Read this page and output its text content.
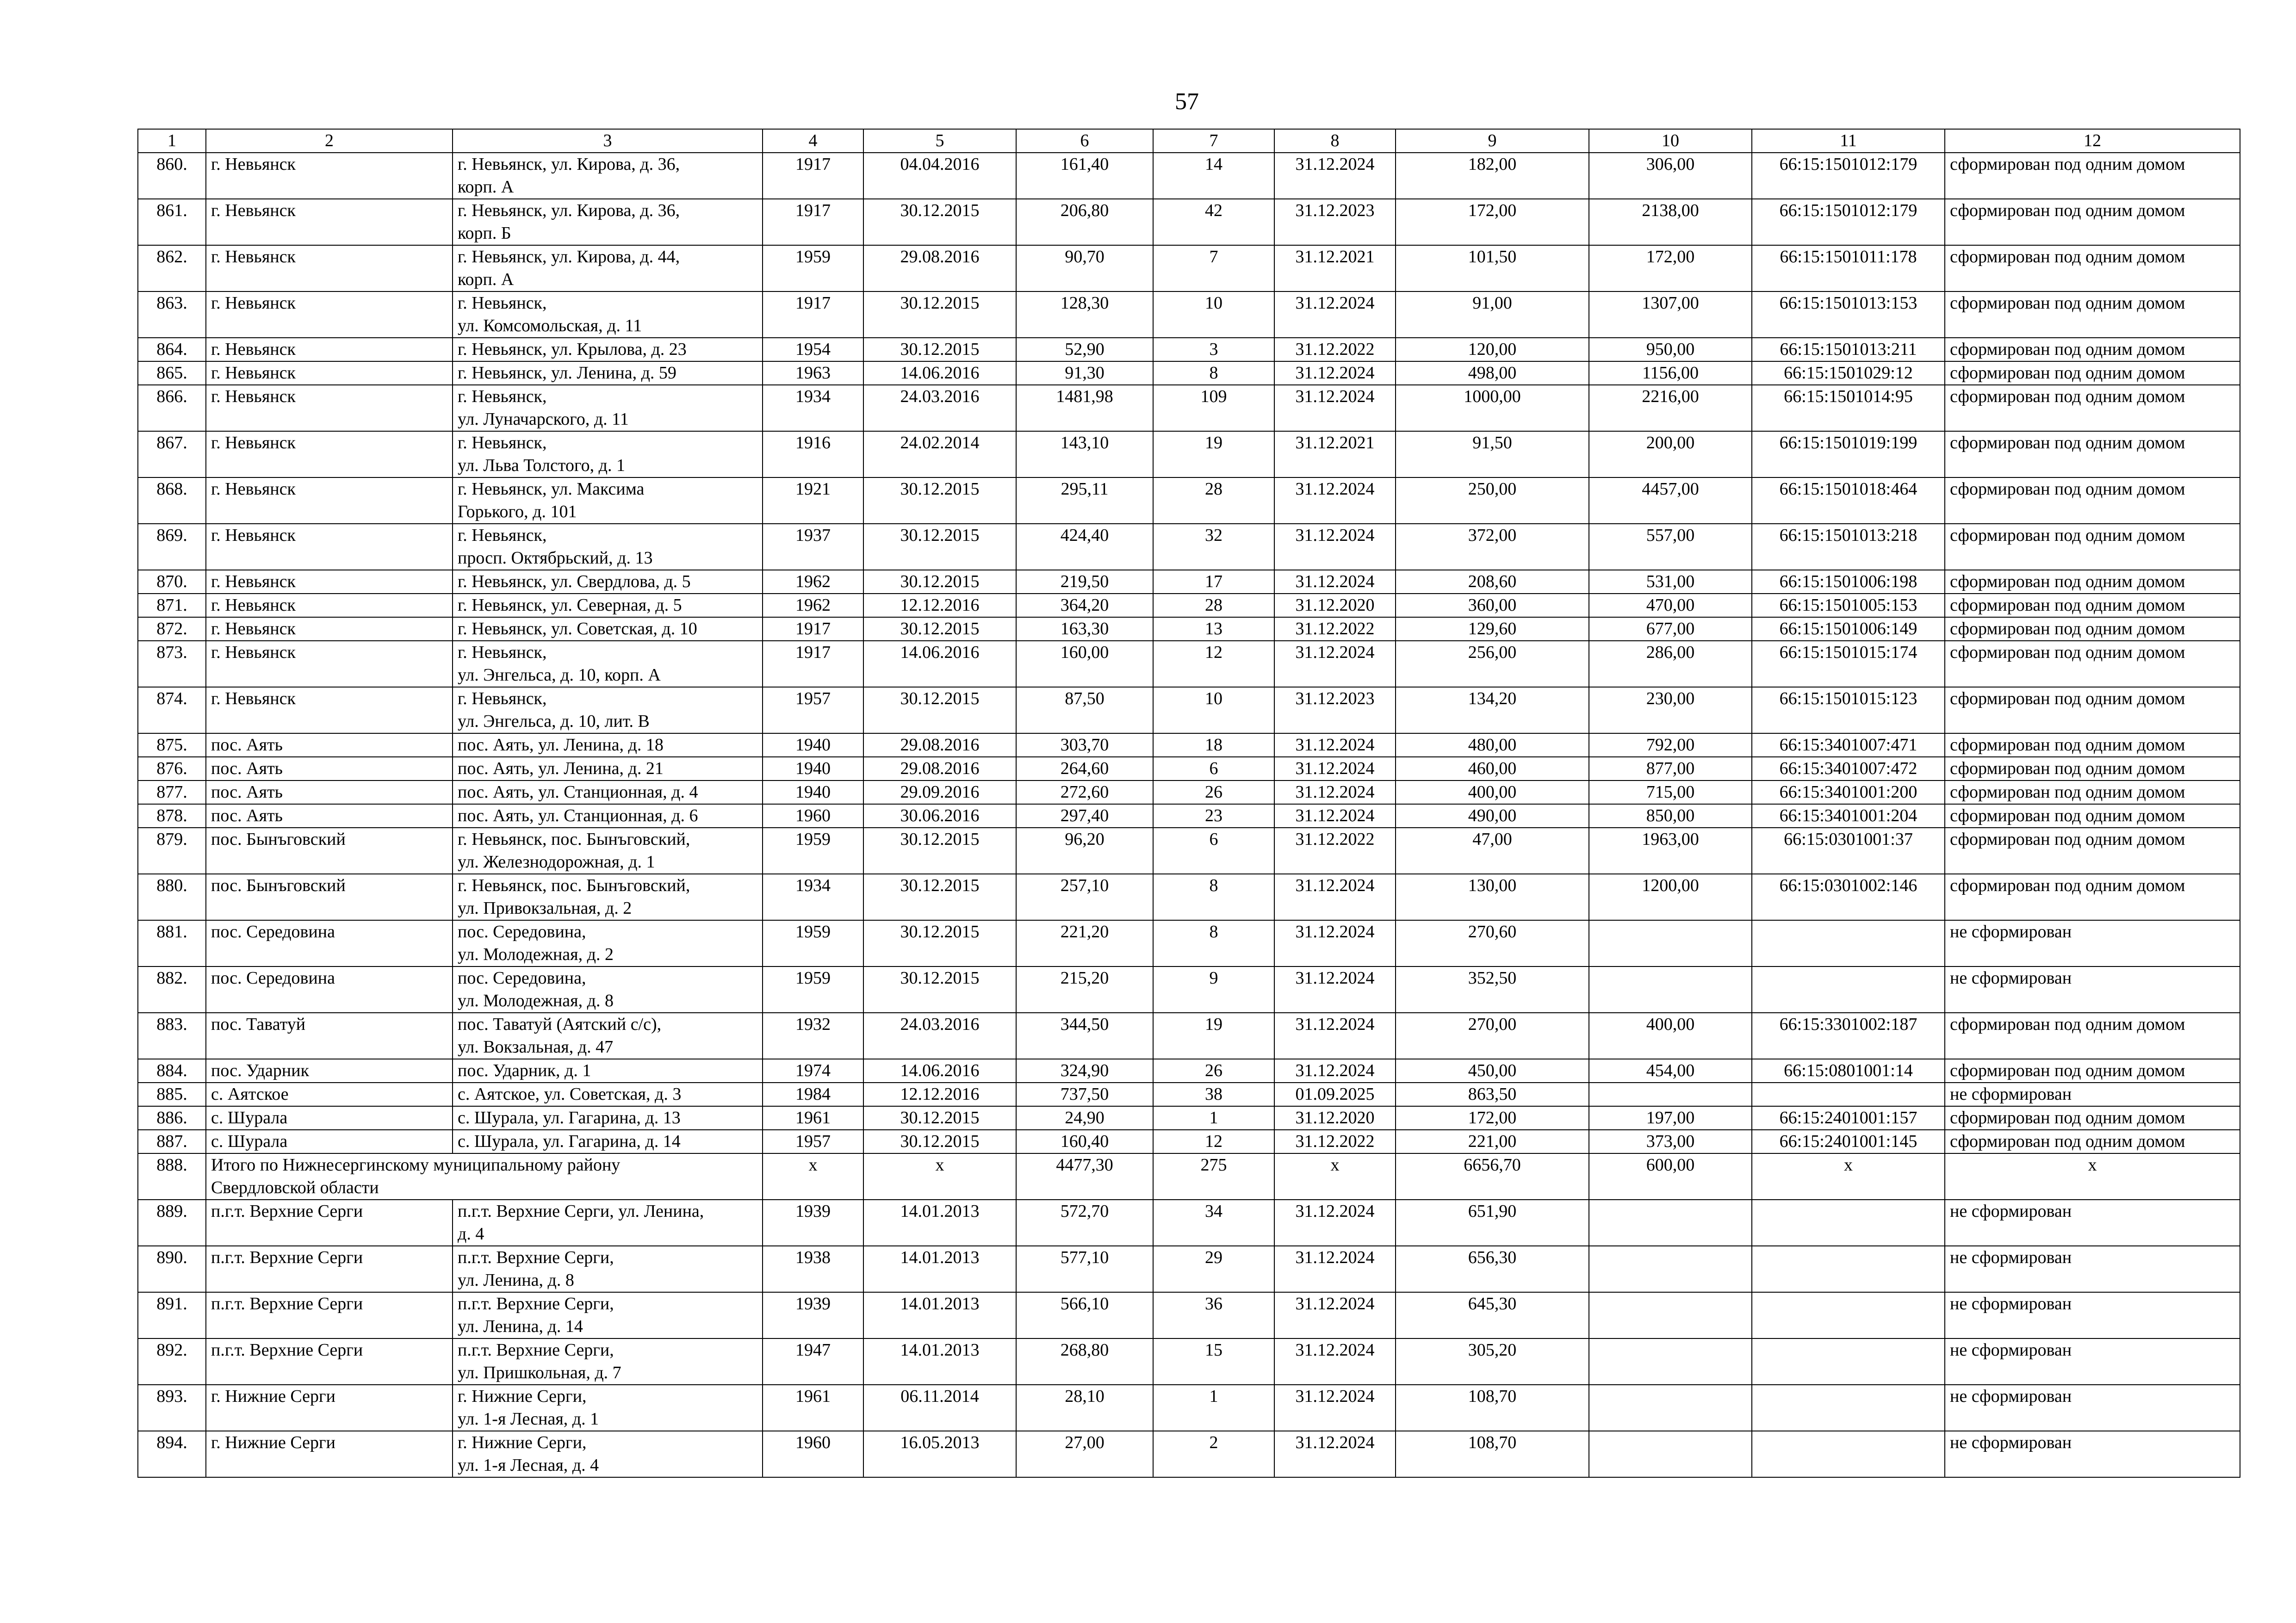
57
1	2	3	4	5	6	7	8	9	10	11	12
860.	г. Невьянск	г. Невьянск, ул. Кирова, д. 36,
корп. А	1917	04.04.2016	161,40	14	31.12.2024	182,00	306,00	66:15:1501012:179	сформирован под одним домом
861.	г. Невьянск	г. Невьянск, ул. Кирова, д. 36,
корп. Б	1917	30.12.2015	206,80	42	31.12.2023	172,00	2138,00	66:15:1501012:179	сформирован под одним домом
862.	г. Невьянск	г. Невьянск, ул. Кирова, д. 44,
корп. А	1959	29.08.2016	90,70	7	31.12.2021	101,50	172,00	66:15:1501011:178	сформирован под одним домом
863.	г. Невьянск	г. Невьянск,
ул. Комсомольская, д. 11	1917	30.12.2015	128,30	10	31.12.2024	91,00	1307,00	66:15:1501013:153	сформирован под одним домом
864.	г. Невьянск	г. Невьянск, ул. Крылова, д. 23	1954	30.12.2015	52,90	3	31.12.2022	120,00	950,00	66:15:1501013:211	сформирован под одним домом
865.	г. Невьянск	г. Невьянск, ул. Ленина, д. 59	1963	14.06.2016	91,30	8	31.12.2024	498,00	1156,00	66:15:1501029:12	сформирован под одним домом
866.	г. Невьянск	г. Невьянск,
ул. Луначарского, д. 11	1934	24.03.2016	1481,98	109	31.12.2024	1000,00	2216,00	66:15:1501014:95	сформирован под одним домом
867.	г. Невьянск	г. Невьянск,
ул. Льва Толстого, д. 1	1916	24.02.2014	143,10	19	31.12.2021	91,50	200,00	66:15:1501019:199	сформирован под одним домом
868.	г. Невьянск	г. Невьянск, ул. Максима
Горького, д. 101	1921	30.12.2015	295,11	28	31.12.2024	250,00	4457,00	66:15:1501018:464	сформирован под одним домом
869.	г. Невьянск	г. Невьянск,
просп. Октябрьский, д. 13	1937	30.12.2015	424,40	32	31.12.2024	372,00	557,00	66:15:1501013:218	сформирован под одним домом
870.	г. Невьянск	г. Невьянск, ул. Свердлова, д. 5	1962	30.12.2015	219,50	17	31.12.2024	208,60	531,00	66:15:1501006:198	сформирован под одним домом
871.	г. Невьянск	г. Невьянск, ул. Северная, д. 5	1962	12.12.2016	364,20	28	31.12.2020	360,00	470,00	66:15:1501005:153	сформирован под одним домом
872.	г. Невьянск	г. Невьянск, ул. Советская, д. 10	1917	30.12.2015	163,30	13	31.12.2022	129,60	677,00	66:15:1501006:149	сформирован под одним домом
873.	г. Невьянск	г. Невьянск,
ул. Энгельса, д. 10, корп. А	1917	14.06.2016	160,00	12	31.12.2024	256,00	286,00	66:15:1501015:174	сформирован под одним домом
874.	г. Невьянск	г. Невьянск,
ул. Энгельса, д. 10, лит. В	1957	30.12.2015	87,50	10	31.12.2023	134,20	230,00	66:15:1501015:123	сформирован под одним домом
875.	пос. Аять	пос. Аять, ул. Ленина, д. 18	1940	29.08.2016	303,70	18	31.12.2024	480,00	792,00	66:15:3401007:471	сформирован под одним домом
876.	пос. Аять	пос. Аять, ул. Ленина, д. 21	1940	29.08.2016	264,60	6	31.12.2024	460,00	877,00	66:15:3401007:472	сформирован под одним домом
877.	пос. Аять	пос. Аять, ул. Станционная, д. 4	1940	29.09.2016	272,60	26	31.12.2024	400,00	715,00	66:15:3401001:200	сформирован под одним домом
878.	пос. Аять	пос. Аять, ул. Станционная, д. 6	1960	30.06.2016	297,40	23	31.12.2024	490,00	850,00	66:15:3401001:204	сформирован под одним домом
879.	пос. Бынъговский	г. Невьянск, пос. Бынъговский,
ул. Железнодорожная, д. 1	1959	30.12.2015	96,20	6	31.12.2022	47,00	1963,00	66:15:0301001:37	сформирован под одним домом
880.	пос. Бынъговский	г. Невьянск, пос. Бынъговский,
ул. Привокзальная, д. 2	1934	30.12.2015	257,10	8	31.12.2024	130,00	1200,00	66:15:0301002:146	сформирован под одним домом
881.	пос. Середовина	пос. Середовина,
ул. Молодежная, д. 2	1959	30.12.2015	221,20	8	31.12.2024	270,60			не сформирован
882.	пос. Середовина	пос. Середовина,
ул. Молодежная, д. 8	1959	30.12.2015	215,20	9	31.12.2024	352,50			не сформирован
883.	пос. Таватуй	пос. Таватуй (Аятский с/с),
ул. Вокзальная, д. 47	1932	24.03.2016	344,50	19	31.12.2024	270,00	400,00	66:15:3301002:187	сформирован под одним домом
884.	пос. Ударник	пос. Ударник, д. 1	1974	14.06.2016	324,90	26	31.12.2024	450,00	454,00	66:15:0801001:14	сформирован под одним домом
885.	с. Аятское	с. Аятское, ул. Советская, д. 3	1984	12.12.2016	737,50	38	01.09.2025	863,50			не сформирован
886.	с. Шурала	с. Шурала, ул. Гагарина, д. 13	1961	30.12.2015	24,90	1	31.12.2020	172,00	197,00	66:15:2401001:157	сформирован под одним домом
887.	с. Шурала	с. Шурала, ул. Гагарина, д. 14	1957	30.12.2015	160,40	12	31.12.2022	221,00	373,00	66:15:2401001:145	сформирован под одним домом
888.	Итого по Нижнесергинскому муниципальному району
Свердловской области		x	x	4477,30	275	x	6656,70	600,00	x	x
889.	п.г.т. Верхние Серги	п.г.т. Верхние Серги, ул. Ленина,
д. 4	1939	14.01.2013	572,70	34	31.12.2024	651,90			не сформирован
890.	п.г.т. Верхние Серги	п.г.т. Верхние Серги,
ул. Ленина, д. 8	1938	14.01.2013	577,10	29	31.12.2024	656,30			не сформирован
891.	п.г.т. Верхние Серги	п.г.т. Верхние Серги,
ул. Ленина, д. 14	1939	14.01.2013	566,10	36	31.12.2024	645,30			не сформирован
892.	п.г.т. Верхние Серги	п.г.т. Верхние Серги,
ул. Пришкольная, д. 7	1947	14.01.2013	268,80	15	31.12.2024	305,20			не сформирован
893.	г. Нижние Серги	г. Нижние Серги,
ул. 1-я Лесная, д. 1	1961	06.11.2014	28,10	1	31.12.2024	108,70			не сформирован
894.	г. Нижние Серги	г. Нижние Серги,
ул. 1-я Лесная, д. 4	1960	16.05.2013	27,00	2	31.12.2024	108,70			не сформирован
